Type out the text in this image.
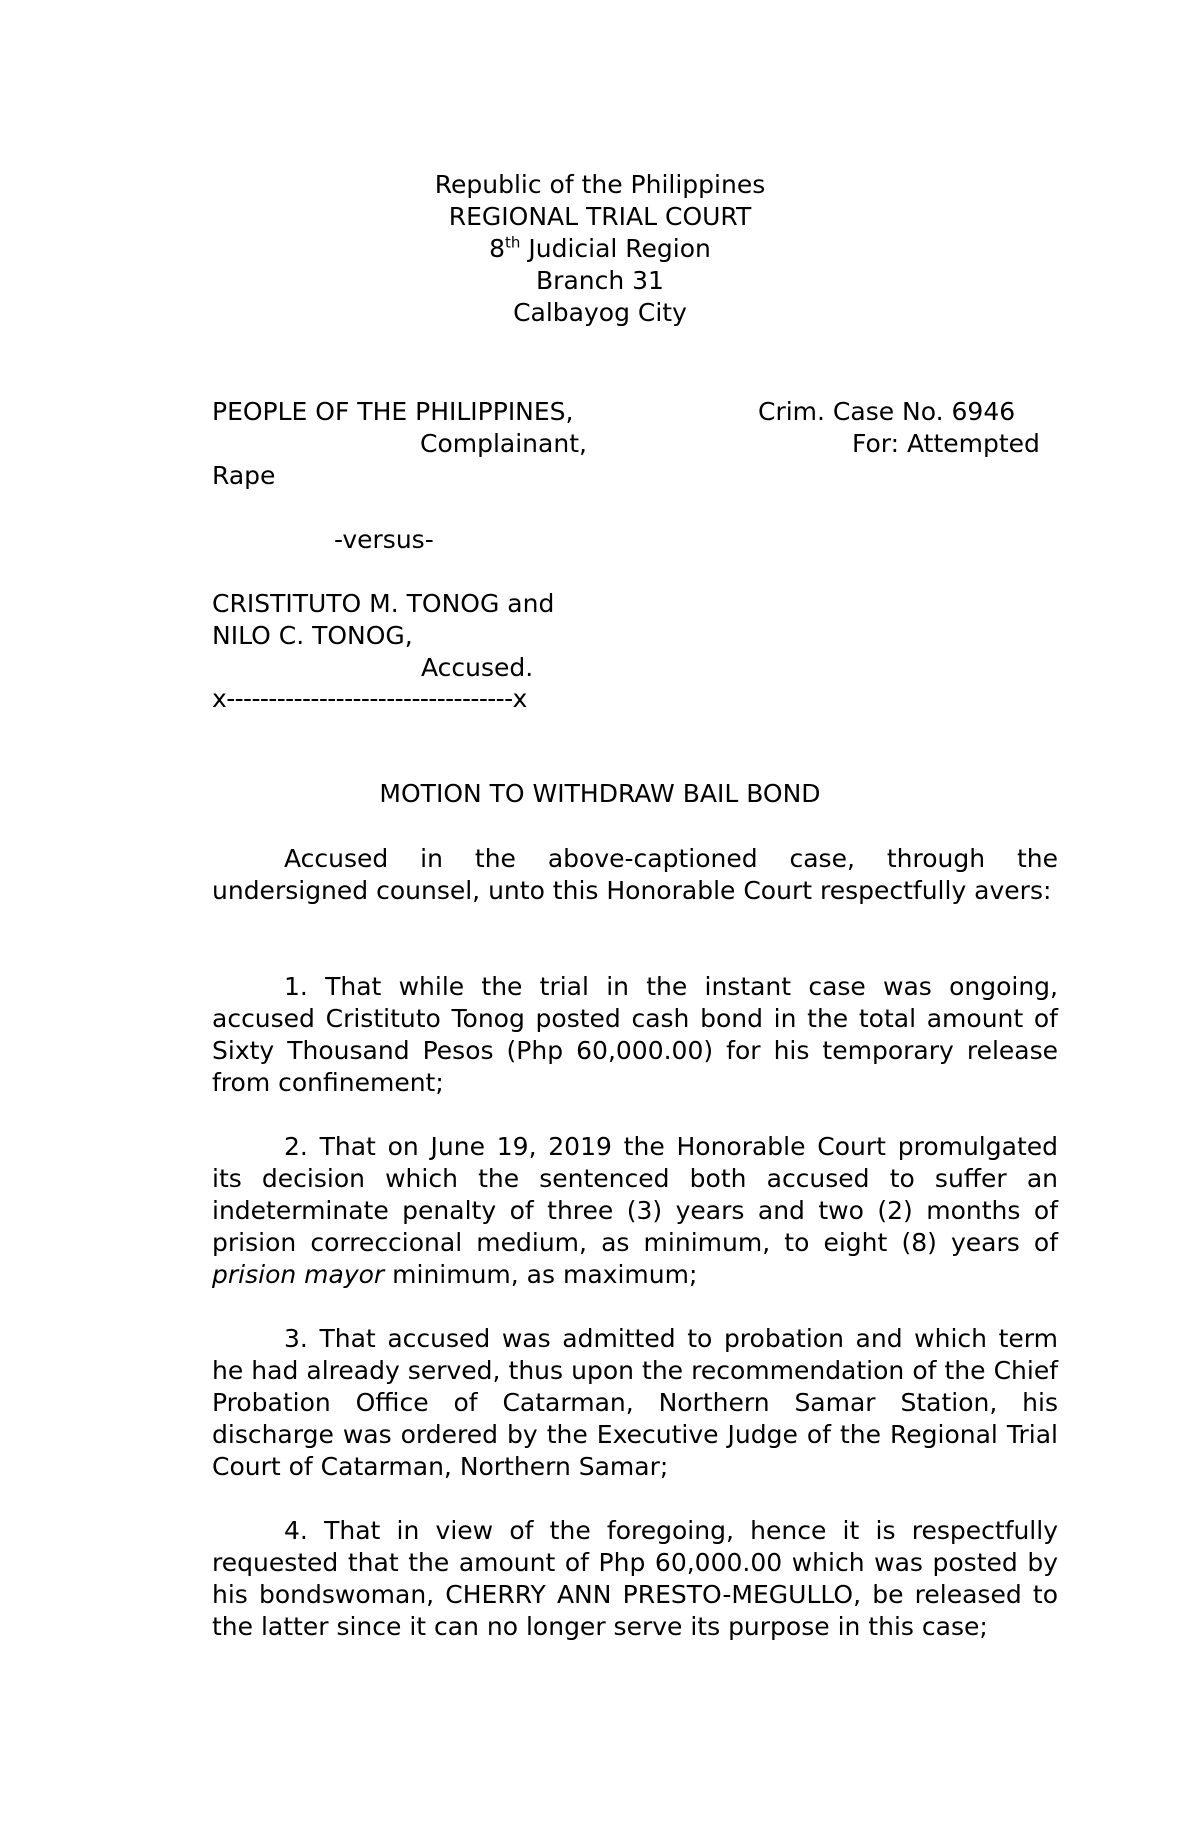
Republic of the Philippines
REGIONAL TRIAL COURT
8th Judicial Region
Branch 31
Calbayog City
PEOPLE OF THE PHILIPPINES,
Complainant,
Crim. Case No. 6946
For: Attempted
Rape
-versus-
CRISTITUTO M. TONOG and
NILO C. TONOG,
Accused.
x----------------------------------x
MOTION TO WITHDRAW BAIL BOND
Accused in the above-captioned case, through the undersigned counsel, unto this Honorable Court respectfully avers:
1. That while the trial in the instant case was ongoing, accused Cristituto Tonog posted cash bond in the total amount of Sixty Thousand Pesos (Php 60,000.00) for his temporary release from confinement;
2. That on June 19, 2019 the Honorable Court promulgated its decision which the sentenced both accused to suffer an indeterminate penalty of three (3) years and two (2) months of prision correccional medium, as minimum, to eight (8) years of prision mayor minimum, as maximum;
3. That accused was admitted to probation and which term he had already served, thus upon the recommendation of the Chief Probation Office of Catarman, Northern Samar Station, his discharge was ordered by the Executive Judge of the Regional Trial Court of Catarman, Northern Samar;
4. That in view of the foregoing, hence it is respectfully requested that the amount of Php 60,000.00 which was posted by his bondswoman, CHERRY ANN PRESTO-MEGULLO, be released to the latter since it can no longer serve its purpose in this case;
